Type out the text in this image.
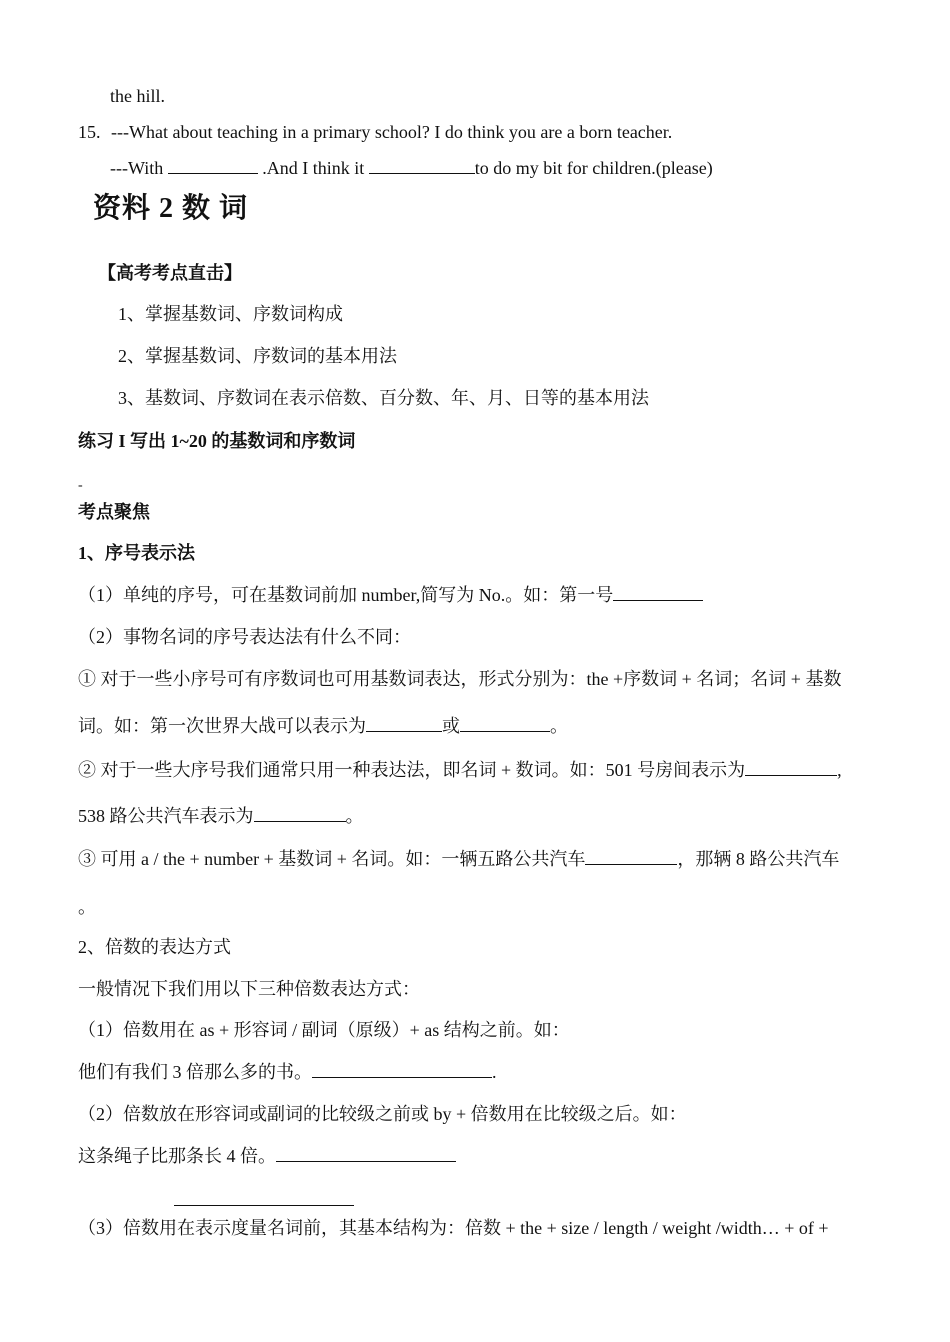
the hill.
15. ---What about teaching in a primary school? I do think you are a born teacher.
---With	.And I think it	to do my bit for children.(please)
资料 2 数 词
【高考考点直击】
1、掌握基数词、序数词构成
2、掌握基数词、序数词的基本用法
3、基数词、序数词在表示倍数、百分数、年、月、日等的基本用法
练习 I 写出 1~20 的基数词和序数词
-
考点聚焦
1、序号表示法
（1）单纯的序号，可在基数词前加 number,简写为 No.。如：第一号
（2）事物名词的序号表达法有什么不同：
① 对于一些小序号可有序数词也可用基数词表达，形式分别为：the +序数词 + 名词；名词 + 基数
词。如：第一次世界大战可以表示为	或	。
② 对于一些大序号我们通常只用一种表达法，即名词 + 数词。如：501 号房间表示为	,
538 路公共汽车表示为	。
③ 可用 a / the + number + 基数词 + 名词。如：一辆五路公共汽车	，那辆 8 路公共汽车
。
2、倍数的表达方式
一般情况下我们用以下三种倍数表达方式：
（1）倍数用在 as + 形容词 / 副词（原级）+ as 结构之前。如：
他们有我们 3 倍那么多的书。	.
（2）倍数放在形容词或副词的比较级之前或 by + 倍数用在比较级之后。如：
这条绳子比那条长 4 倍。
（3）倍数用在表示度量名词前，其基本结构为：倍数 + the + size / length / weight /width… + of +
